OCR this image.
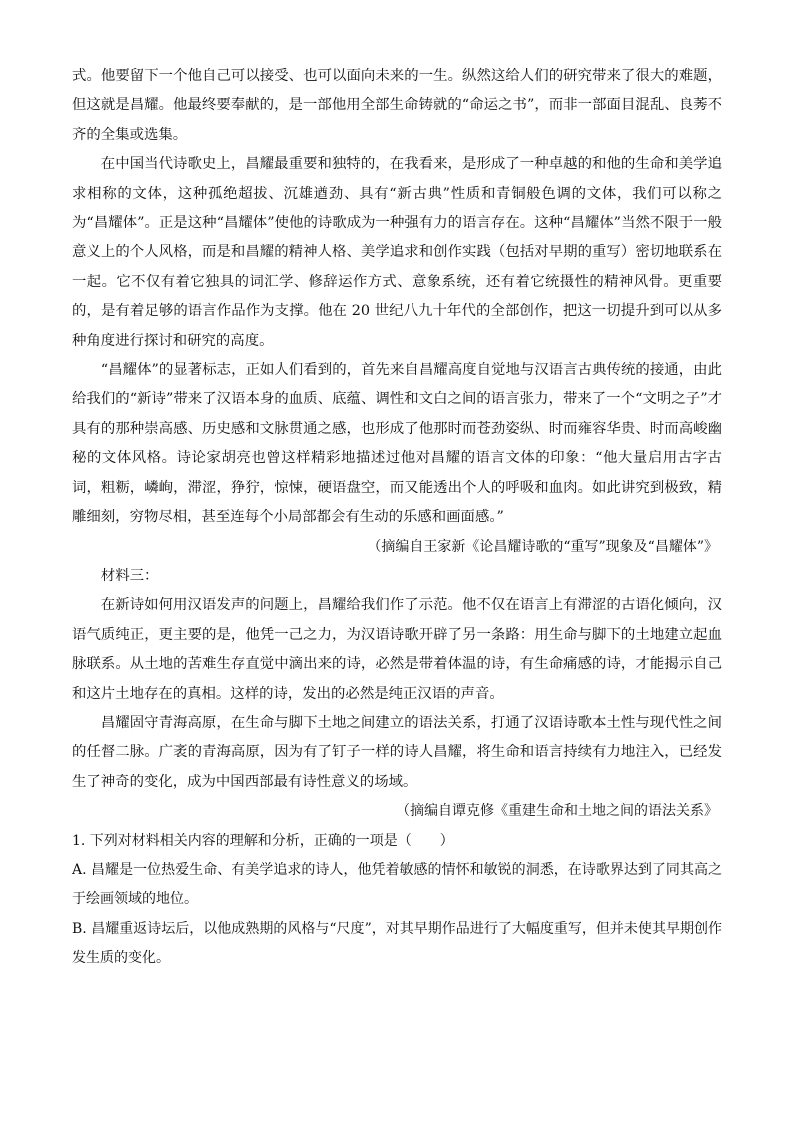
式。他要留下一个他自己可以接受、也可以面向未来的一生。纵然这给人们的研究带来了很大的难题，但这就是昌耀。他最终要奉献的，是一部他用全部生命铸就的“命运之书”，而非一部面目混乱、良莠不齐的全集或选集。

在中国当代诗歌史上，昌耀最重要和独特的，在我看来，是形成了一种卓越的和他的生命和美学追求相称的文体，这种孤绝超拔、沉雄遒劲、具有“新古典”性质和青铜般色调的文体，我们可以称之为“昌耀体”。正是这种“昌耀体”使他的诗歌成为一种强有力的语言存在。这种“昌耀体”当然不限于一般意义上的个人风格，而是和昌耀的精神人格、美学追求和创作实践（包括对早期的重写）密切地联系在一起。它不仅有着它独具的词汇学、修辞运作方式、意象系统，还有着它统摄性的精神风骨。更重要的，是有着足够的语言作品作为支撑。他在 20 世纪八九十年代的全部创作，把这一切提升到可以从多种角度进行探讨和研究的高度。

“昌耀体”的显著标志，正如人们看到的，首先来自昌耀高度自觉地与汉语言古典传统的接通，由此给我们的“新诗”带来了汉语本身的血质、底蕴、调性和文白之间的语言张力，带来了一个“文明之子”才具有的那种崇高感、历史感和文脉贯通之感，也形成了他那时而苍劲姿纵、时而雍容华贵、时而高峻幽秘的文体风格。诗论家胡亮也曾这样精彩地描述过他对昌耀的语言文体的印象：“他大量启用古字古词，粗粝，嶙峋，滞涩，狰狞，惊悚，硬语盘空，而又能透出个人的呼吸和血肉。如此讲究到极致，精雕细刻，穷物尽相，甚至连每个小局部都会有生动的乐感和画面感。”

（摘编自王家新《论昌耀诗歌的“重写”现象及“昌耀体”》

材料三：

在新诗如何用汉语发声的问题上，昌耀给我们作了示范。他不仅在语言上有滞涩的古语化倾向，汉语气质纯正，更主要的是，他凭一己之力，为汉语诗歌开辟了另一条路：用生命与脚下的土地建立起血脉联系。从土地的苦难生存直觉中滴出来的诗，必然是带着体温的诗，有生命痛感的诗，才能揭示自己和这片土地存在的真相。这样的诗，发出的必然是纯正汉语的声音。

昌耀固守青海高原，在生命与脚下土地之间建立的语法关系，打通了汉语诗歌本土性与现代性之间的任督二脉。广袤的青海高原，因为有了钉子一样的诗人昌耀，将生命和语言持续有力地注入，已经发生了神奇的变化，成为中国西部最有诗性意义的场域。

（摘编自谭克修《重建生命和土地之间的语法关系》

1. 下列对材料相关内容的理解和分析，正确的一项是（　　）

A. 昌耀是一位热爱生命、有美学追求的诗人，他凭着敏感的情怀和敏锐的洞悉，在诗歌界达到了同其高之于绘画领域的地位。

B. 昌耀重返诗坛后，以他成熟期的风格与“尺度”，对其早期作品进行了大幅度重写，但并未使其早期创作发生质的变化。
